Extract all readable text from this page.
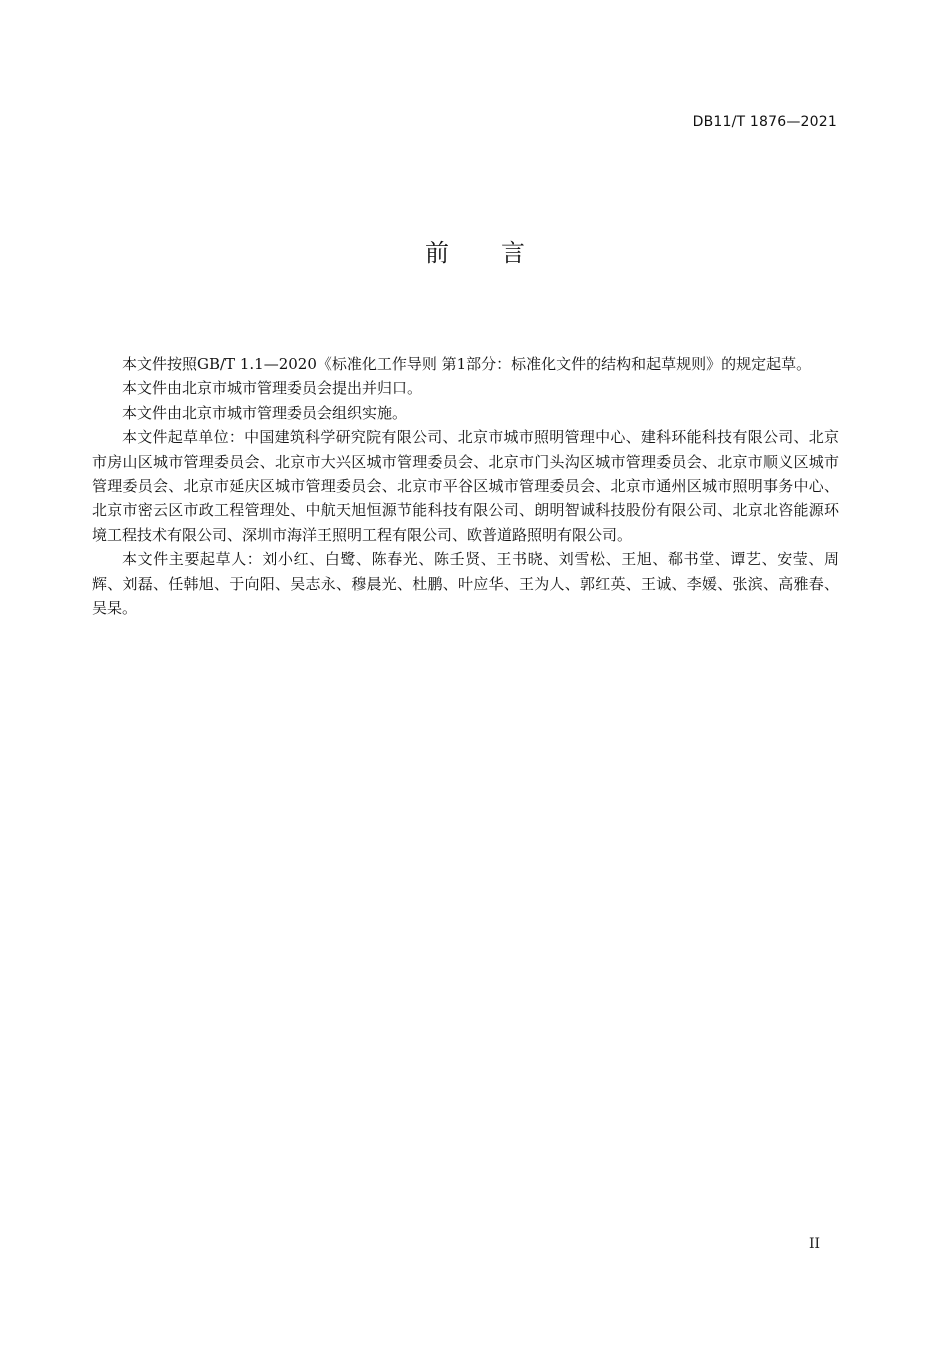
DB11/T 1876—2021
前言

本文件按照GB/T 1.1—2020《标准化工作导则 第1部分：标准化文件的结构和起草规则》的规定起草。

本文件由北京市城市管理委员会提出并归口。

本文件由北京市城市管理委员会组织实施。

本文件起草单位：中国建筑科学研究院有限公司、北京市城市照明管理中心、建科环能科技有限公司、北京市房山区城市管理委员会、北京市大兴区城市管理委员会、北京市门头沟区城市管理委员会、北京市顺义区城市管理委员会、北京市延庆区城市管理委员会、北京市平谷区城市管理委员会、北京市通州区城市照明事务中心、北京市密云区市政工程管理处、中航天旭恒源节能科技有限公司、朗明智诚科技股份有限公司、北京北咨能源环境工程技术有限公司、深圳市海洋王照明工程有限公司、欧普道路照明有限公司。

本文件主要起草人：刘小红、白鹭、陈春光、陈壬贤、王书晓、刘雪松、王旭、郗书堂、谭艺、安莹、周辉、刘磊、任韩旭、于向阳、吴志永、穆晨光、杜鹏、叶应华、王为人、郭红英、王诚、李媛、张滨、高雅春、吴杲。

II
